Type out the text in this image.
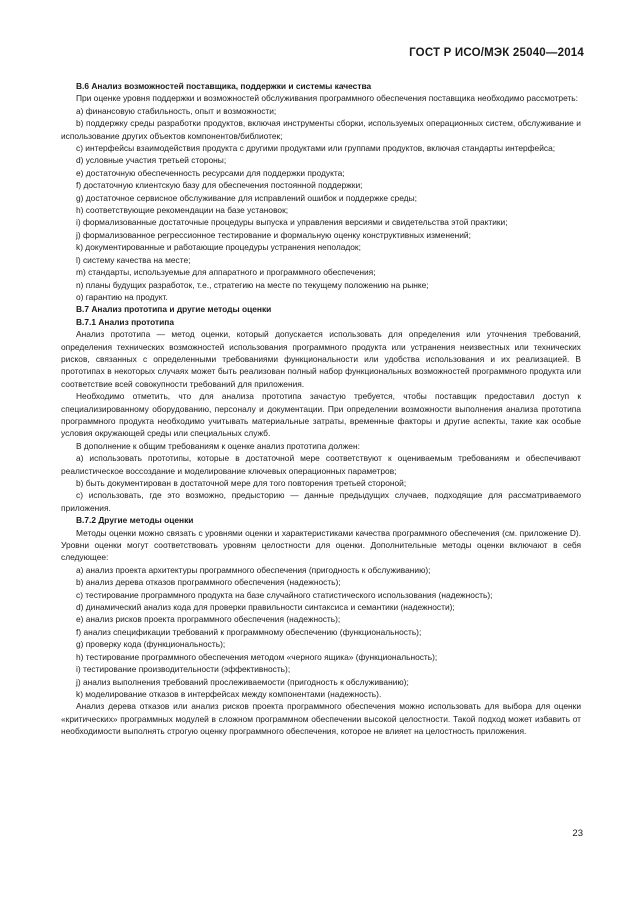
ГОСТ Р ИСО/МЭК 25040—2014

B.6 Анализ возможностей поставщика, поддержки и системы качества

При оценке уровня поддержки и возможностей обслуживания программного обеспечения поставщика необходимо рассмотреть:

a) финансовую стабильность, опыт и возможности;

b) поддержку среды разработки продуктов, включая инструменты сборки, используемых операционных систем, обслуживание и использование других объектов компонентов/библиотек;

c) интерфейсы взаимодействия продукта с другими продуктами или группами продуктов, включая стандарты интерфейса;

d) условные участия третьей стороны;

e) достаточную обеспеченность ресурсами для поддержки продукта;

f) достаточную клиентскую базу для обеспечения постоянной поддержки;

g) достаточное сервисное обслуживание для исправлений ошибок и поддержке среды;

h) соответствующие рекомендации на базе установок;

i) формализованные достаточные процедуры выпуска и управления версиями и свидетельства этой практики;

j) формализованное регрессионное тестирование и формальную оценку конструктивных изменений;

k) документированные и работающие процедуры устранения неполадок;

l) систему качества на месте;

m) стандарты, используемые для аппаратного и программного обеспечения;

n) планы будущих разработок, т.е., стратегию на месте по текущему положению на рынке;

o) гарантию на продукт.

B.7 Анализ прототипа и другие методы оценки

B.7.1 Анализ прототипа

Анализ прототипа — метод оценки, который допускается использовать для определения или уточнения требований, определения технических возможностей использования программного продукта или устранения неизвестных или технических рисков, связанных с определенными требованиями функциональности или удобства использования и их реализацией. В прототипах в некоторых случаях может быть реализован полный набор функциональных возможностей программного продукта или соответствие всей совокупности требований для приложения.

Необходимо отметить, что для анализа прототипа зачастую требуется, чтобы поставщик предоставил доступ к специализированному оборудованию, персоналу и документации. При определении возможности выполнения анализа прототипа программного продукта необходимо учитывать материальные затраты, временные факторы и другие аспекты, такие как особые условия окружающей среды или специальных служб.

В дополнение к общим требованиям к оценке анализ прототипа должен:

a) использовать прототипы, которые в достаточной мере соответствуют к оцениваемым требованиям и обеспечивают реалистическое воссоздание и моделирование ключевых операционных параметров;

b) быть документирован в достаточной мере для того повторения третьей стороной;

c) использовать, где это возможно, предысторию — данные предыдущих случаев, подходящие для рассматриваемого приложения.

B.7.2 Другие методы оценки

Методы оценки можно связать с уровнями оценки и характеристиками качества программного обеспечения (см. приложение D). Уровни оценки могут соответствовать уровням целостности для оценки. Дополнительные методы оценки включают в себя следующее:

a) анализ проекта архитектуры программного обеспечения (пригодность к обслуживанию);

b) анализ дерева отказов программного обеспечения (надежность);

c) тестирование программного продукта на базе случайного статистического использования (надежность);

d) динамический анализ кода для проверки правильности синтаксиса и семантики (надежности);

e) анализ рисков проекта программного обеспечения (надежность);

f) анализ спецификации требований к программному обеспечению (функциональность);

g) проверку кода (функциональность);

h) тестирование программного обеспечения методом «черного ящика» (функциональность);

i) тестирование производительности (эффективность);

j) анализ выполнения требований прослеживаемости (пригодность к обслуживанию);

k) моделирование отказов в интерфейсах между компонентами (надежность).

Анализ дерева отказов или анализ рисков проекта программного обеспечения можно использовать для выбора для оценки «критических» программных модулей в сложном программном обеспечении высокой целостности. Такой подход может избавить от необходимости выполнять строгую оценку программного обеспечения, которое не влияет на целостность приложения.

23
